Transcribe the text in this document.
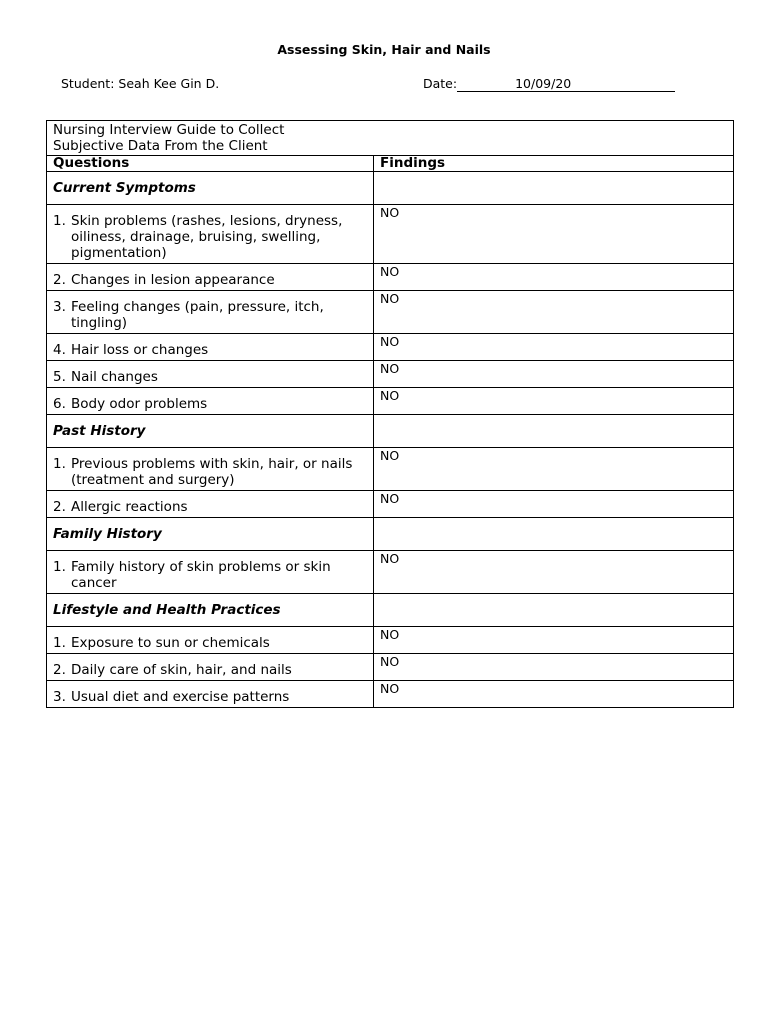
Assessing Skin, Hair and Nails
Student: Seah Kee Gin D.	Date:	10/09/20
Nursing Interview Guide to Collect
Subjective Data From the Client	

Questions	Findings
Current Symptoms	

1. Skin problems (rashes, lesions, dryness, oiliness, drainage, bruising, swelling, pigmentation)	NO

2. Changes in lesion appearance	NO

3. Feeling changes (pain, pressure, itch, tingling)	NO

4. Hair loss or changes	NO

5. Nail changes	NO

6. Body odor problems	NO
Past History	

1. Previous problems with skin, hair, or nails (treatment and surgery)	NO

2. Allergic reactions	NO
Family History	

1. Family history of skin problems or skin cancer	NO
Lifestyle and Health Practices	

1. Exposure to sun or chemicals	NO

2. Daily care of skin, hair, and nails	NO

3. Usual diet and exercise patterns	NO
